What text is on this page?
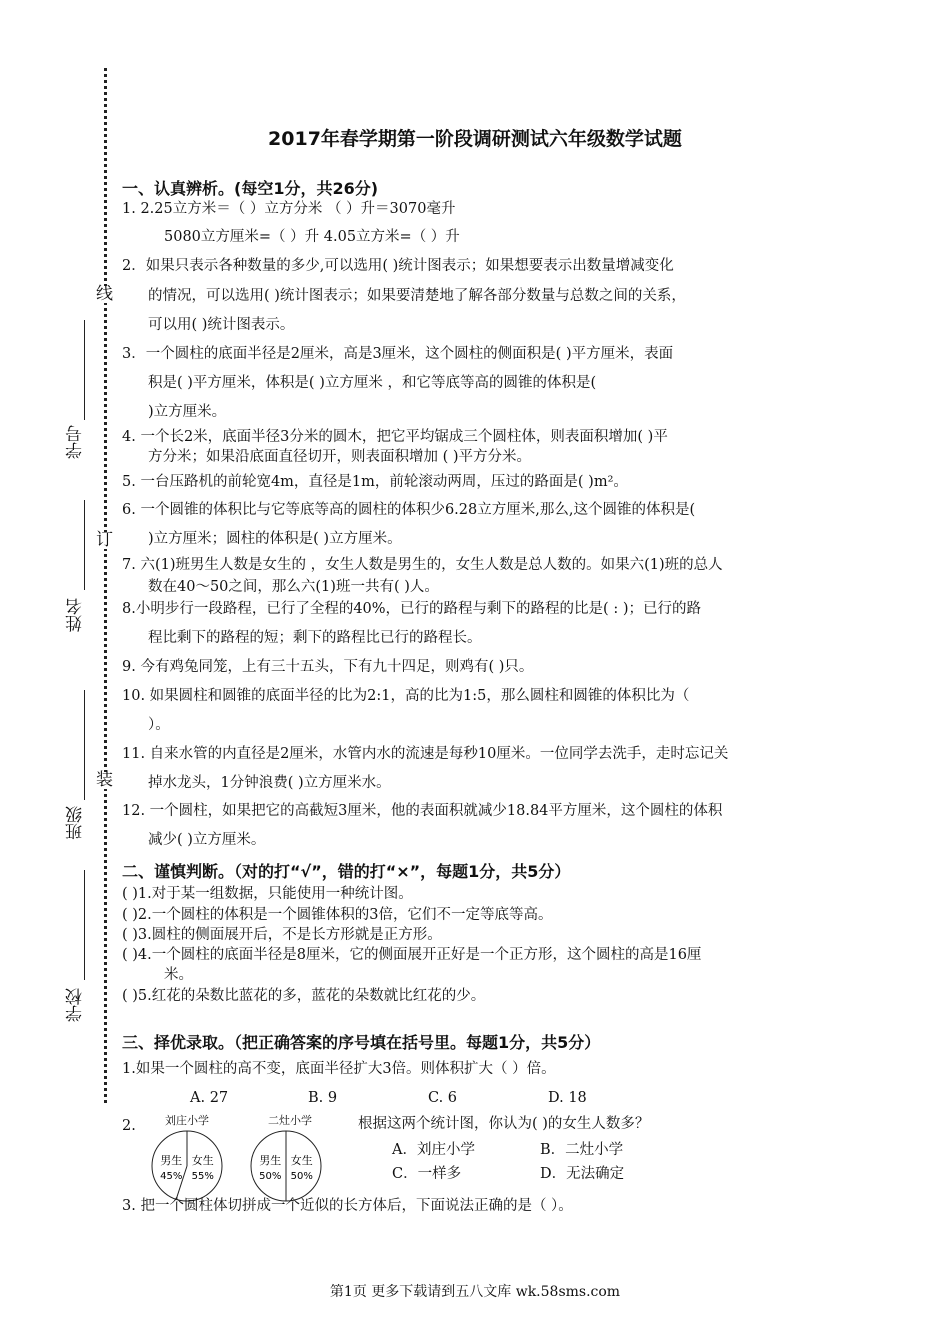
线
订
装
学号
姓名
班级
学校
2017年春学期第一阶段调研测试六年级数学试题
一、认真辨析。(每空1分，共26分)
1. 2.25立方米＝（ ）立方分米 （ ）升＝3070毫升
5080立方厘米=（ ）升 4.05立方米=（ ）升
2．如果只表示各种数量的多少,可以选用( )统计图表示；如果想要表示出数量增减变化
的情况，可以选用( )统计图表示；如果要清楚地了解各部分数量与总数之间的关系，
可以用( )统计图表示。
3．一个圆柱的底面半径是2厘米，高是3厘米，这个圆柱的侧面积是( )平方厘米，表面
积是( )平方厘米，体积是( )立方厘米 ，和它等底等高的圆锥的体积是(
)立方厘米。
4. 一个长2米，底面半径3分米的圆木，把它平均锯成三个圆柱体，则表面积增加( )平
方分米；如果沿底面直径切开，则表面积增加 ( )平方分米。
5. 一台压路机的前轮宽4m，直径是1m，前轮滚动两周，压过的路面是( )m²。
6. 一个圆锥的体积比与它等底等高的圆柱的体积少6.28立方厘米,那么,这个圆锥的体积是(
)立方厘米；圆柱的体积是( )立方厘米。
7. 六(1)班男生人数是女生的 ，女生人数是男生的，女生人数是总人数的。如果六(1)班的总人
数在40～50之间，那么六(1)班一共有( )人。
8.小明步行一段路程，已行了全程的40%，已行的路程与剩下的路程的比是( : )；已行的路
程比剩下的路程的短；剩下的路程比已行的路程长。
9. 今有鸡兔同笼，上有三十五头，下有九十四足，则鸡有( )只。
10. 如果圆柱和圆锥的底面半径的比为2:1，高的比为1:5，那么圆柱和圆锥的体积比为（
）。
11. 自来水管的内直径是2厘米，水管内水的流速是每秒10厘米。一位同学去洗手，走时忘记关
掉水龙头，1分钟浪费( )立方厘米水。
12. 一个圆柱，如果把它的高截短3厘米，他的表面积就减少18.84平方厘米，这个圆柱的体积
减少( )立方厘米。
二、谨慎判断。（对的打“√”，错的打“×”，每题1分，共5分）
( )1.对于某一组数据，只能使用一种统计图。
( )2.一个圆柱的体积是一个圆锥体积的3倍，它们不一定等底等高。
( )3.圆柱的侧面展开后，不是长方形就是正方形。
( )4.一个圆柱的底面半径是8厘米，它的侧面展开正好是一个正方形，这个圆柱的高是16厘
米。
( )5.红花的朵数比蓝花的多，蓝花的朵数就比红花的少。
三、择优录取。（把正确答案的序号填在括号里。每题1分，共5分）
1.如果一个圆柱的高不变，底面半径扩大3倍。则体积扩大（ ）倍。
A. 27	B. 9	C. 6	D. 18
2.	刘庄小学	二灶小学
男生
45%
女生
55%
男生
50%
女生
50%
根据这两个统计图，你认为( )的女生人数多？
A．刘庄小学	B．二灶小学
C．一样多	D．无法确定
3. 把一个圆柱体切拼成一个近似的长方体后，下面说法正确的是（ ）。
第1页 更多下载请到五八文库 wk.58sms.com
